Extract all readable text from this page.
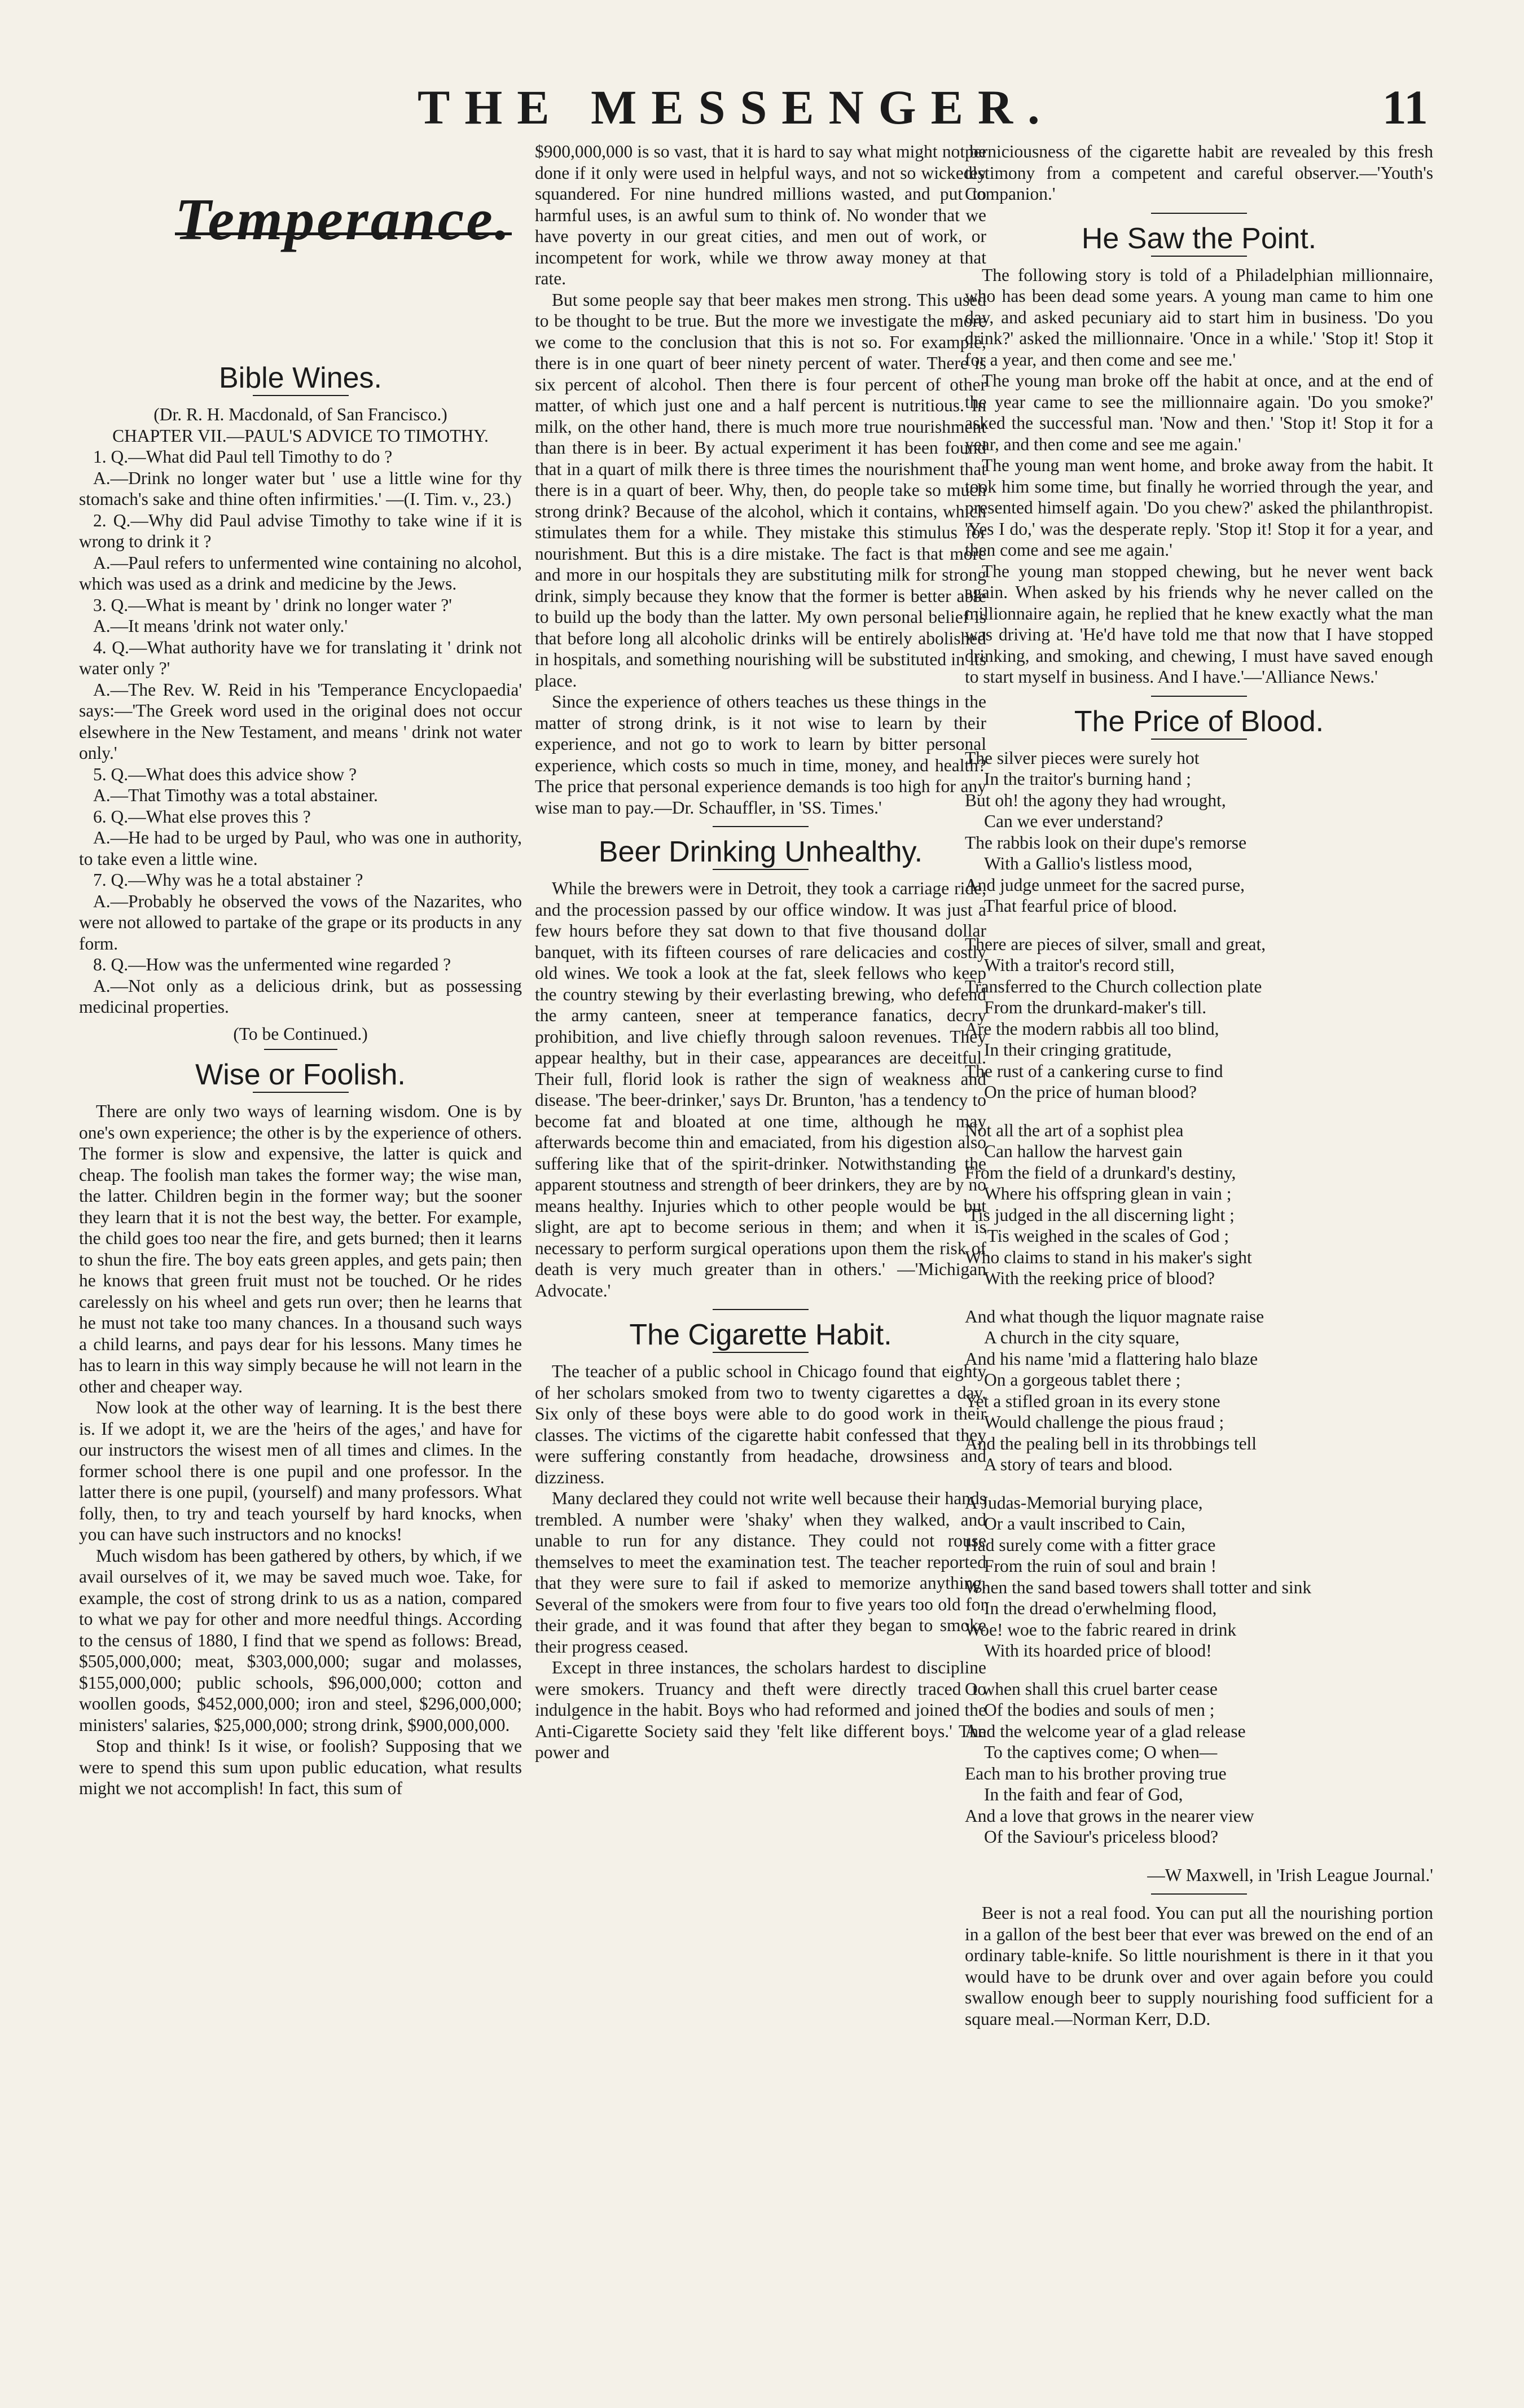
THE MESSENGER.	11
Temperance.
Bible Wines.

(Dr. R. H. Macdonald, of San Francisco.)

CHAPTER VII.—PAUL'S ADVICE TO TIMOTHY.

1. Q.—What did Paul tell Timothy to do ?

A.—Drink no longer water but ' use a little wine for thy stomach's sake and thine often infirmities.' —(I. Tim. v., 23.)

2. Q.—Why did Paul advise Timothy to take wine if it is wrong to drink it ?

A.—Paul refers to unfermented wine containing no alcohol, which was used as a drink and medicine by the Jews.

3. Q.—What is meant by ' drink no longer water ?'

A.—It means 'drink not water only.'

4. Q.—What authority have we for translating it ' drink not water only ?'

A.—The Rev. W. Reid in his 'Temperance Encyclopaedia' says:—'The Greek word used in the original does not occur elsewhere in the New Testament, and means ' drink not water only.'

5. Q.—What does this advice show ?

A.—That Timothy was a total abstainer.

6. Q.—What else proves this ?

A.—He had to be urged by Paul, who was one in authority, to take even a little wine.

7. Q.—Why was he a total abstainer ?

A.—Probably he observed the vows of the Nazarites, who were not allowed to partake of the grape or its products in any form.

8. Q.—How was the unfermented wine regarded ?

A.—Not only as a delicious drink, but as possessing medicinal properties.

(To be Continued.)

Wise or Foolish.

There are only two ways of learning wisdom. One is by one's own experience; the other is by the experience of others. The former is slow and expensive, the latter is quick and cheap. The foolish man takes the former way; the wise man, the latter. Children begin in the former way; but the sooner they learn that it is not the best way, the better. For example, the child goes too near the fire, and gets burned; then it learns to shun the fire. The boy eats green apples, and gets pain; then he knows that green fruit must not be touched. Or he rides carelessly on his wheel and gets run over; then he learns that he must not take too many chances. In a thousand such ways a child learns, and pays dear for his lessons. Many times he has to learn in this way simply because he will not learn in the other and cheaper way.

Now look at the other way of learning. It is the best there is. If we adopt it, we are the 'heirs of the ages,' and have for our instructors the wisest men of all times and climes. In the former school there is one pupil and one professor. In the latter there is one pupil, (yourself) and many professors. What folly, then, to try and teach yourself by hard knocks, when you can have such instructors and no knocks!

Much wisdom has been gathered by others, by which, if we avail ourselves of it, we may be saved much woe. Take, for example, the cost of strong drink to us as a nation, compared to what we pay for other and more needful things. According to the census of 1880, I find that we spend as follows: Bread, $505,000,000; meat, $303,000,000; sugar and molasses, $155,000,000; public schools, $96,000,000; cotton and woollen goods, $452,000,000; iron and steel, $296,000,000; ministers' salaries, $25,000,000; strong drink, $900,000,000.

Stop and think! Is it wise, or foolish? Supposing that we were to spend this sum upon public education, what results might we not accomplish! In fact, this sum of

$900,000,000 is so vast, that it is hard to say what might not be done if it only were used in helpful ways, and not so wickedly squandered. For nine hundred millions wasted, and put to harmful uses, is an awful sum to think of. No wonder that we have poverty in our great cities, and men out of work, or incompetent for work, while we throw away money at that rate.

But some people say that beer makes men strong. This used to be thought to be true. But the more we investigate the more we come to the conclusion that this is not so. For example, there is in one quart of beer ninety percent of water. There is six percent of alcohol. Then there is four percent of other matter, of which just one and a half percent is nutritious. In milk, on the other hand, there is much more true nourishment than there is in beer. By actual experiment it has been found that in a quart of milk there is three times the nourishment that there is in a quart of beer. Why, then, do people take so much strong drink? Because of the alcohol, which it contains, which stimulates them for a while. They mistake this stimulus for nourishment. But this is a dire mistake. The fact is that more and more in our hospitals they are substituting milk for strong drink, simply because they know that the former is better able to build up the body than the latter. My own personal belief is that before long all alcoholic drinks will be entirely abolished in hospitals, and something nourishing will be substituted in its place.

Since the experience of others teaches us these things in the matter of strong drink, is it not wise to learn by their experience, and not go to work to learn by bitter personal experience, which costs so much in time, money, and health? The price that personal experience demands is too high for any wise man to pay.—Dr. Schauffler, in 'SS. Times.'

Beer Drinking Unhealthy.

While the brewers were in Detroit, they took a carriage ride, and the procession passed by our office window. It was just a few hours before they sat down to that five thousand dollar banquet, with its fifteen courses of rare delicacies and costly old wines. We took a look at the fat, sleek fellows who keep the country stewing by their everlasting brewing, who defend the army canteen, sneer at temperance fanatics, decry prohibition, and live chiefly through saloon revenues. They appear healthy, but in their case, appearances are deceitful. Their full, florid look is rather the sign of weakness and disease. 'The beer-drinker,' says Dr. Brunton, 'has a tendency to become fat and bloated at one time, although he may afterwards become thin and emaciated, from his digestion also suffering like that of the spirit-drinker. Notwithstanding the apparent stoutness and strength of beer drinkers, they are by no means healthy. Injuries which to other people would be but slight, are apt to become serious in them; and when it is necessary to perform surgical operations upon them the risk of death is very much greater than in others.' —'Michigan Advocate.'

The Cigarette Habit.

The teacher of a public school in Chicago found that eighty of her scholars smoked from two to twenty cigarettes a day. Six only of these boys were able to do good work in their classes. The victims of the cigarette habit confessed that they were suffering constantly from headache, drowsiness and dizziness.

Many declared they could not write well because their hands trembled. A number were 'shaky' when they walked, and unable to run for any distance. They could not rouse themselves to meet the examination test. The teacher reported that they were sure to fail if asked to memorize anything. Several of the smokers were from four to five years too old for their grade, and it was found that after they began to smoke their progress ceased.

Except in three instances, the scholars hardest to discipline were smokers. Truancy and theft were directly traced to indulgence in the habit. Boys who had reformed and joined the Anti-Cigarette Society said they 'felt like different boys.' The power and

perniciousness of the cigarette habit are revealed by this fresh testimony from a competent and careful observer.—'Youth's Companion.'

He Saw the Point.

The following story is told of a Philadelphian millionnaire, who has been dead some years. A young man came to him one day, and asked pecuniary aid to start him in business. 'Do you drink?' asked the millionnaire. 'Once in a while.' 'Stop it! Stop it for a year, and then come and see me.'

The young man broke off the habit at once, and at the end of the year came to see the millionnaire again. 'Do you smoke?' asked the successful man. 'Now and then.' 'Stop it! Stop it for a year, and then come and see me again.'

The young man went home, and broke away from the habit. It took him some time, but finally he worried through the year, and presented himself again. 'Do you chew?' asked the philanthropist. 'Yes I do,' was the desperate reply. 'Stop it! Stop it for a year, and then come and see me again.'

The young man stopped chewing, but he never went back again. When asked by his friends why he never called on the millionnaire again, he replied that he knew exactly what the man was driving at. 'He'd have told me that now that I have stopped drinking, and smoking, and chewing, I must have saved enough to start myself in business. And I have.'—'Alliance News.'

The Price of Blood.

The silver pieces were surely hot

In the traitor's burning hand ;

But oh! the agony they had wrought,

Can we ever understand?

The rabbis look on their dupe's remorse

With a Gallio's listless mood,

And judge unmeet for the sacred purse,

That fearful price of blood.

There are pieces of silver, small and great,

With a traitor's record still,

Transferred to the Church collection plate

From the drunkard-maker's till.

Are the modern rabbis all too blind,

In their cringing gratitude,

The rust of a cankering curse to find

On the price of human blood?

Not all the art of a sophist plea

Can hallow the harvest gain

From the field of a drunkard's destiny,

Where his offspring glean in vain ;

'Tis judged in the all discerning light ;

'Tis weighed in the scales of God ;

Who claims to stand in his maker's sight

With the reeking price of blood?

And what though the liquor magnate raise

A church in the city square,

And his name 'mid a flattering halo blaze

On a gorgeous tablet there ;

Yet a stifled groan in its every stone

Would challenge the pious fraud ;

And the pealing bell in its throbbings tell

A story of tears and blood.

A Judas-Memorial burying place,

Or a vault inscribed to Cain,

Had surely come with a fitter grace

From the ruin of soul and brain !

When the sand based towers shall totter and sink

In the dread o'erwhelming flood,

Woe! woe to the fabric reared in drink

With its hoarded price of blood!

O when shall this cruel barter cease

Of the bodies and souls of men ;

And the welcome year of a glad release

To the captives come; O when—

Each man to his brother proving true

In the faith and fear of God,

And a love that grows in the nearer view

Of the Saviour's priceless blood?

—W Maxwell, in 'Irish League Journal.'

Beer is not a real food. You can put all the nourishing portion in a gallon of the best beer that ever was brewed on the end of an ordinary table-knife. So little nourishment is there in it that you would have to be drunk over and over again before you could swallow enough beer to supply nourishing food sufficient for a square meal.—Norman Kerr, D.D.
